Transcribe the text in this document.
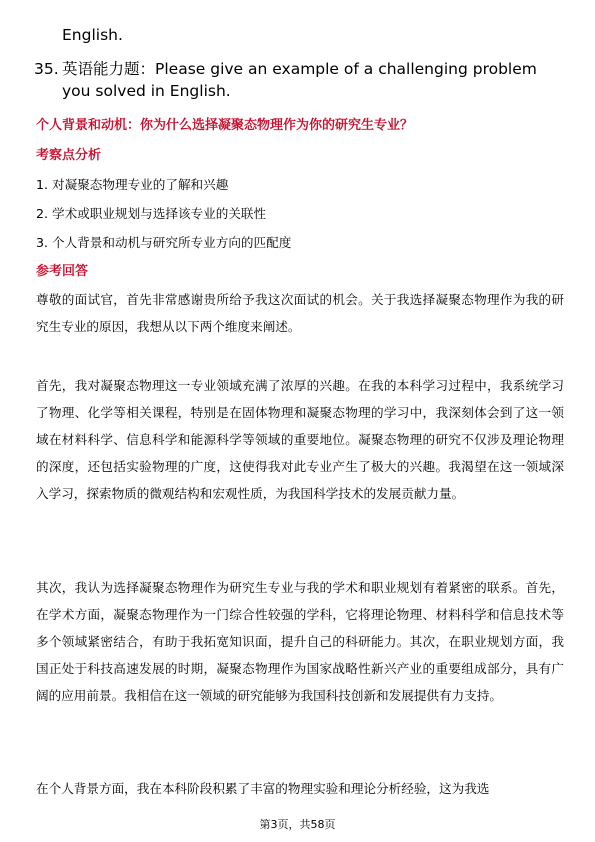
English.
35. 英语能力题：Please give an example of a challenging problem you solved in English.
个人背景和动机：你为什么选择凝聚态物理作为你的研究生专业？
考察点分析
1. 对凝聚态物理专业的了解和兴趣
2. 学术或职业规划与选择该专业的关联性
3. 个人背景和动机与研究所专业方向的匹配度
参考回答
尊敬的面试官，首先非常感谢贵所给予我这次面试的机会。关于我选择凝聚态物理作为我的研究生专业的原因，我想从以下两个维度来阐述。
首先，我对凝聚态物理这一专业领域充满了浓厚的兴趣。在我的本科学习过程中，我系统学习了物理、化学等相关课程，特别是在固体物理和凝聚态物理的学习中，我深刻体会到了这一领域在材料科学、信息科学和能源科学等领域的重要地位。凝聚态物理的研究不仅涉及理论物理的深度，还包括实验物理的广度，这使得我对此专业产生了极大的兴趣。我渴望在这一领域深入学习，探索物质的微观结构和宏观性质，为我国科学技术的发展贡献力量。
其次，我认为选择凝聚态物理作为研究生专业与我的学术和职业规划有着紧密的联系。首先，在学术方面，凝聚态物理作为一门综合性较强的学科，它将理论物理、材料科学和信息技术等多个领域紧密结合，有助于我拓宽知识面，提升自己的科研能力。其次，在职业规划方面，我国正处于科技高速发展的时期，凝聚态物理作为国家战略性新兴产业的重要组成部分，具有广阔的应用前景。我相信在这一领域的研究能够为我国科技创新和发展提供有力支持。
在个人背景方面，我在本科阶段积累了丰富的物理实验和理论分析经验，这为我选
第3页，共58页
